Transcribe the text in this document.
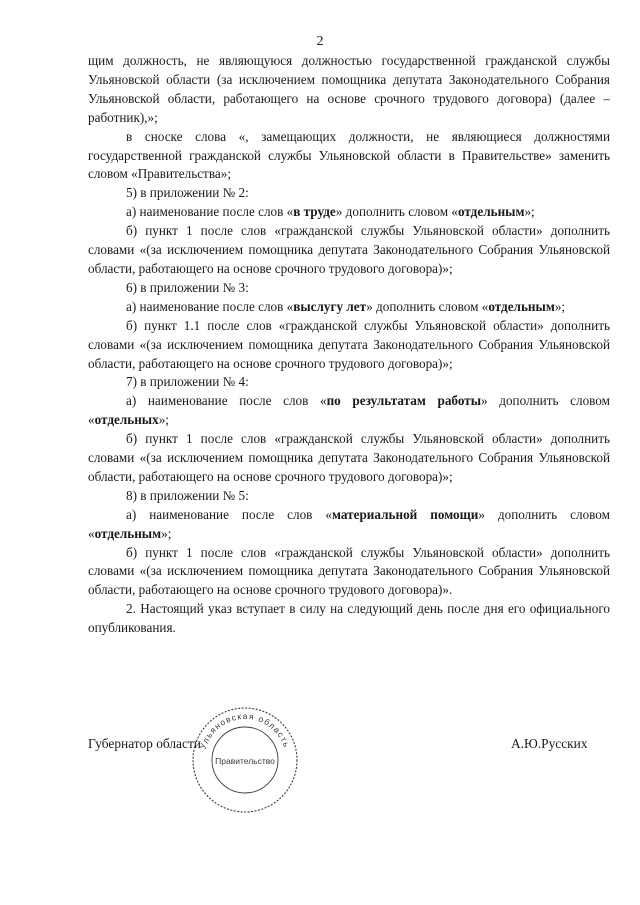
2

щим должность, не являющуюся должностью государственной гражданской службы Ульяновской области (за исключением помощника депутата Законодательного Собрания Ульяновской области, работающего на основе срочного трудового договора) (далее – работник),»;

в сноске слова «, замещающих должности, не являющиеся должностями государственной гражданской службы Ульяновской области в Правительстве» заменить словом «Правительства»;

5) в приложении № 2:

а) наименование после слов «в труде» дополнить словом «отдельным»;

б) пункт 1 после слов «гражданской службы Ульяновской области» дополнить словами «(за исключением помощника депутата Законодательного Собрания Ульяновской области, работающего на основе срочного трудового договора)»;

6) в приложении № 3:

а) наименование после слов «выслугу лет» дополнить словом «отдельным»;

б) пункт 1.1 после слов «гражданской службы Ульяновской области» дополнить словами «(за исключением помощника депутата Законодательного Собрания Ульяновской области, работающего на основе срочного трудового договора)»;

7) в приложении № 4:

а) наименование после слов «по результатам работы» дополнить словом «отдельных»;

б) пункт 1 после слов «гражданской службы Ульяновской области» дополнить словами «(за исключением помощника депутата Законодательного Собрания Ульяновской области, работающего на основе срочного трудового договора)»;

8) в приложении № 5:

а) наименование после слов «материальной помощи» дополнить словом «отдельным»;

б) пункт 1 после слов «гражданской службы Ульяновской области» дополнить словами «(за исключением помощника депутата Законодательного Собрания Ульяновской области, работающего на основе срочного трудового договора)».

2. Настоящий указ вступает в силу на следующий день после дня его официального опубликования.

Губернатор области	А.Ю.Русских
Ульяновская область
Правительство
